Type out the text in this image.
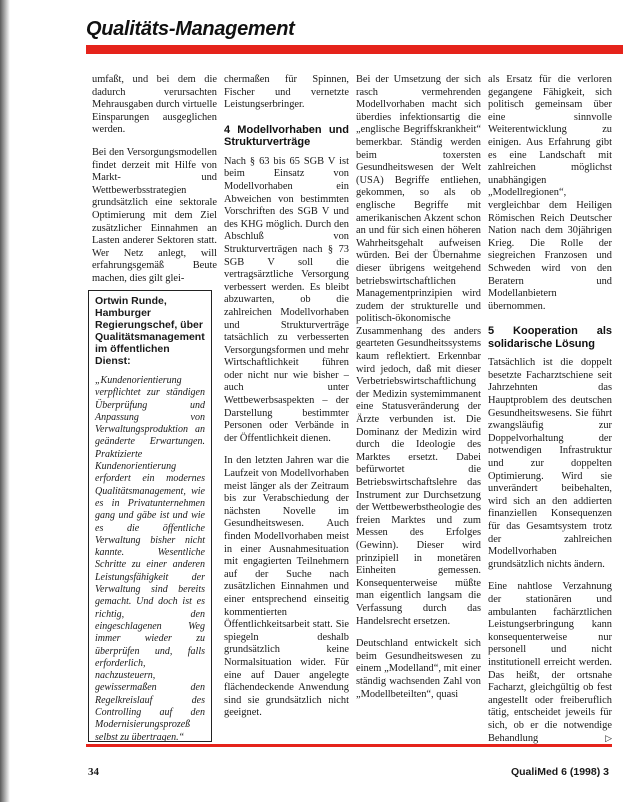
Qualitäts-Management

umfaßt, und bei dem die dadurch verursachten Mehrausgaben durch virtuelle Einsparungen ausgeglichen werden.

Bei den Versorgungsmodellen findet derzeit mit Hilfe von Markt- und Wettbewerbsstrategien grundsätzlich eine sektorale Optimierung mit dem Ziel zusätzlicher Einnahmen an Lasten anderer Sektoren statt. Wer Netz anlegt, will erfahrungsgemäß Beute machen, dies gilt glei-

Ortwin Runde, Hamburger Regierungschef, über Qualitätsmanagement im öffentlichen Dienst:

„Kundenorientierung verpflichtet zur ständigen Überprüfung und Anpassung von Verwaltungsproduktion an geänderte Erwartungen. Praktizierte Kundenorientierung erfordert ein modernes Qualitätsmanagement, wie es in Privatunternehmen gang und gäbe ist und wie es die öffentliche Verwaltung bisher nicht kannte. Wesentliche Schritte zu einer anderen Leistungsfähigkeit der Verwaltung sind bereits gemacht. Und doch ist es richtig, den eingeschlagenen Weg immer wieder zu überprüfen und, falls erforderlich, nachzusteuern, gewissermaßen den Regelkreislauf des Controlling auf den Modernisierungsprozeß selbst zu übertragen.“

chermaßen für Spinnen, Fischer und vernetzte Leistungserbringer.

4 Modellvorhaben und Strukturverträge

Nach § 63 bis 65 SGB V ist beim Einsatz von Modellvorhaben ein Abweichen von bestimmten Vorschriften des SGB V und des KHG möglich. Durch den Abschluß von Strukturverträgen nach § 73 SGB V soll die vertragsärztliche Versorgung verbessert werden. Es bleibt abzuwarten, ob die zahlreichen Modellvorhaben und Strukturverträge tatsächlich zu verbesserten Versorgungsformen und mehr Wirtschaftlichkeit führen oder nicht nur wie bisher – auch unter Wettbewerbsaspekten – der Darstellung bestimmter Personen oder Verbände in der Öffentlichkeit dienen.

In den letzten Jahren war die Laufzeit von Modellvorhaben meist länger als der Zeitraum bis zur Verabschiedung der nächsten Novelle im Gesundheitswesen. Auch finden Modellvorhaben meist in einer Ausnahmesituation mit engagierten Teilnehmern auf der Suche nach zusätzlichen Einnahmen und einer entsprechend einseitig kommentierten Öffentlichkeitsarbeit statt. Sie spiegeln deshalb grundsätzlich keine Normalsituation wider. Für eine auf Dauer angelegte flächendeckende Anwendung sind sie grundsätzlich nicht geeignet.

Bei der Umsetzung der sich rasch vermehrenden Modellvorhaben macht sich überdies infektionsartig die „englische Begriffskrankheit“ bemerkbar. Ständig werden beim toxersten Gesundheitswesen der Welt (USA) Begriffe entliehen, gekommen, so als ob englische Begriffe mit amerikanischen Akzent schon an und für sich einen höheren Wahrheitsgehalt aufweisen würden. Bei der Übernahme dieser übrigens weitgehend betriebswirtschaftlichen Managementprinzipien wird zudem der strukturelle und politisch-ökonomische Zusammenhang des anders gearteten Gesundheitssystems kaum reflektiert. Erkennbar wird jedoch, daß mit dieser Verbetriebswirtschaftlichung der Medizin systemimmanent eine Statusveränderung der Ärzte verbunden ist. Die Dominanz der Medizin wird durch die Ideologie des Marktes ersetzt. Dabei befürwortet die Betriebswirtschaftslehre das Instrument zur Durchsetzung der Wettbewerbstheologie des freien Marktes und zum Messen des Erfolges (Gewinn). Dieser wird prinzipiell in monetären Einheiten gemessen. Konsequenterweise müßte man eigentlich langsam die Verfassung durch das Handelsrecht ersetzen.

Deutschland entwickelt sich beim Gesundheitswesen zu einem „Modelland“, mit einer ständig wachsenden Zahl von „Modellbeteilten“, quasi

als Ersatz für die verloren gegangene Fähigkeit, sich politisch gemeinsam über eine sinnvolle Weiterentwicklung zu einigen. Aus Erfahrung gibt es eine Landschaft mit zahlreichen möglichst unabhängigen „Modellregionen“, vergleichbar dem Heiligen Römischen Reich Deutscher Nation nach dem 30jährigen Krieg. Die Rolle der siegreichen Franzosen und Schweden wird von den Beratern und Modellanbietern übernommen.

5 Kooperation als solidarische Lösung

Tatsächlich ist die doppelt besetzte Facharztschiene seit Jahrzehnten das Hauptproblem des deutschen Gesundheitswesens. Sie führt zwangsläufig zur Doppelvorhaltung der notwendigen Infrastruktur und zur doppelten Optimierung. Wird sie unverändert beibehalten, wird sich an den addierten finanziellen Konsequenzen für das Gesamtsystem trotz der zahlreichen Modellvorhaben grundsätzlich nichts ändern.

Eine nahtlose Verzahnung der stationären und ambulanten fachärztlichen Leistungserbringung kann konsequenterweise nur personell und nicht institutionell erreicht werden. Das heißt, der ortsnahe Facharzt, gleichgültig ob fest angestellt oder freiberuflich tätig, entscheidet jeweils für sich, ob er die notwendige Behandlung	▷

34	QualiMed 6 (1998) 3
